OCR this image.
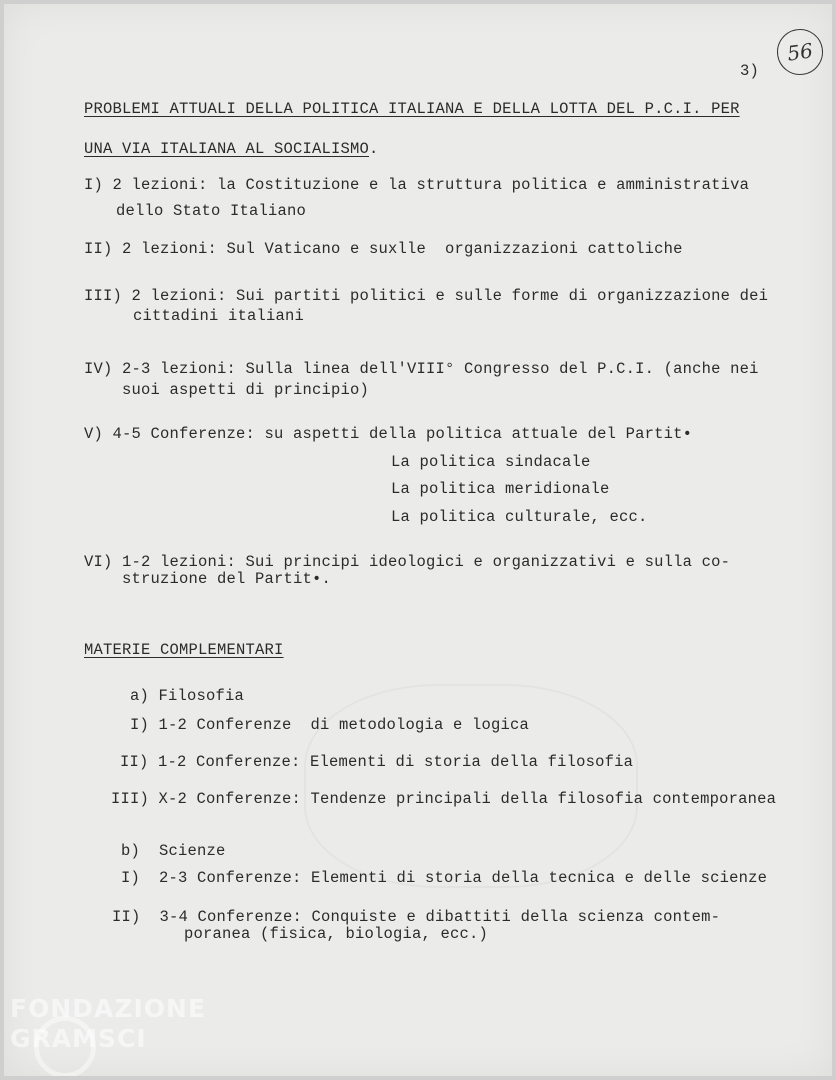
56

3)

PROBLEMI ATTUALI DELLA POLITICA ITALIANA E DELLA LOTTA DEL P.C.I. PER

UNA VIA ITALIANA AL SOCIALISMO.

I) 2 lezioni: la Costituzione e la struttura politica e amministrativa

dello Stato Italiano

II) 2 lezioni: Sul Vaticano e suxlle  organizzazioni cattoliche

III) 2 lezioni: Sui partiti politici e sulle forme di organizzazione dei

cittadini italiani

IV) 2-3 lezioni: Sulla linea dell'VIII° Congresso del P.C.I. (anche nei

suoi aspetti di principio)

V) 4-5 Conferenze: su aspetti della politica attuale del Partit•

La politica sindacale

La politica meridionale

La politica culturale, ecc.

VI) 1-2 lezioni: Sui principi ideologici e organizzativi e sulla co-

struzione del Partit•.

MATERIE COMPLEMENTARI

a) Filosofia

I) 1-2 Conferenze  di metodologia e logica

II) 1-2 Conferenze: Elementi di storia della filosofia

III) X-2 Conferenze: Tendenze principali della filosofia contemporanea

b)  Scienze

I)  2-3 Conferenze: Elementi di storia della tecnica e delle scienze

II)  3-4 Conferenze: Conquiste e dibattiti della scienza contem-

poranea (fisica, biologia, ecc.)

FONDAZIONE
GRAMSCI
